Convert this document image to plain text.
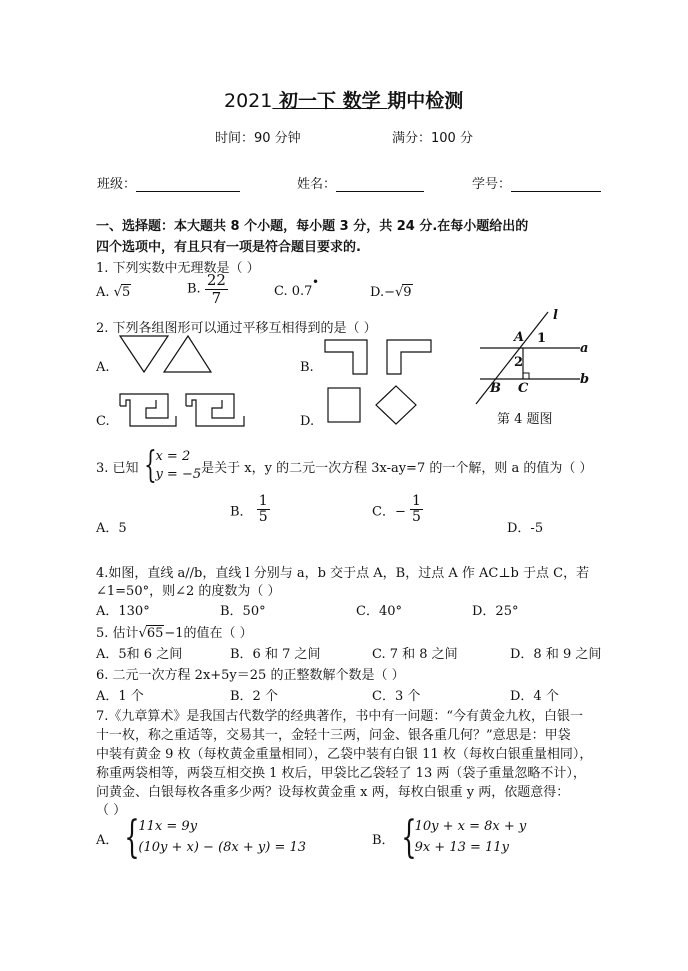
2021 初一下 数学 期中检测
时间：90 分钟	满分：100 分
班级：	姓名：	学号：
一、选择题：本大题共 8 个小题，每小题 3 分，共 24 分.在每小题给出的
四个选项中，有且只有一项是符合题目要求的.
1. 下列实数中无理数是（ ）
A. √5	B. $\frac{22}{7}$	C. 0.7
•
D.−√9
2. 下列各组图形可以通过平移互相得到的是（ ）
A.	B.
C.	D.
l
a
b
A
B C
1
2
第 4 题图
3. 已知 { x = 2
y = −5 是关于 x，y 的二元一次方程 3x-ay=7 的一个解，则 a 的值为（ ）
A．5
B． $\frac{1}{5}$	C．− $\frac{1}{5}$
D．-5
4.如图，直线 a//b，直线 l 分别与 a，b 交于点 A，B，过点 A 作 AC⊥b 于点 C，若
∠1=50°，则∠2 的度数为（ ）
A．130°	B．50°	C．40°	D．25°
5. 估计√65−1的值在（ ）
A．5和 6 之间	B．6 和 7 之间	C. 7 和 8 之间	D．8 和 9 之间
6. 二元一次方程 2x+5y＝25 的正整数解个数是（ ）
A．1 个	B．2 个	C．3 个	D．4 个
7.《九章算术》是我国古代数学的经典著作，书中有一问题：“今有黄金九枚，白银一
十一枚，称之重适等，交易其一，金轻十三两，问金、银各重几何？”意思是：甲袋
中装有黄金 9 枚（每枚黄金重量相同），乙袋中装有白银 11 枚（每枚白银重量相同），
称重两袋相等，两袋互相交换 1 枚后，甲袋比乙袋轻了 13 两（袋子重量忽略不计），
问黄金、白银每枚各重多少两？设每枚黄金重 x 两，每枚白银重 y 两，依题意得：
（ ）
A． {
11x = 9y
(10y + x) − (8x + y) = 13	B． {
10y + x = 8x + y
9x + 13 = 11y
